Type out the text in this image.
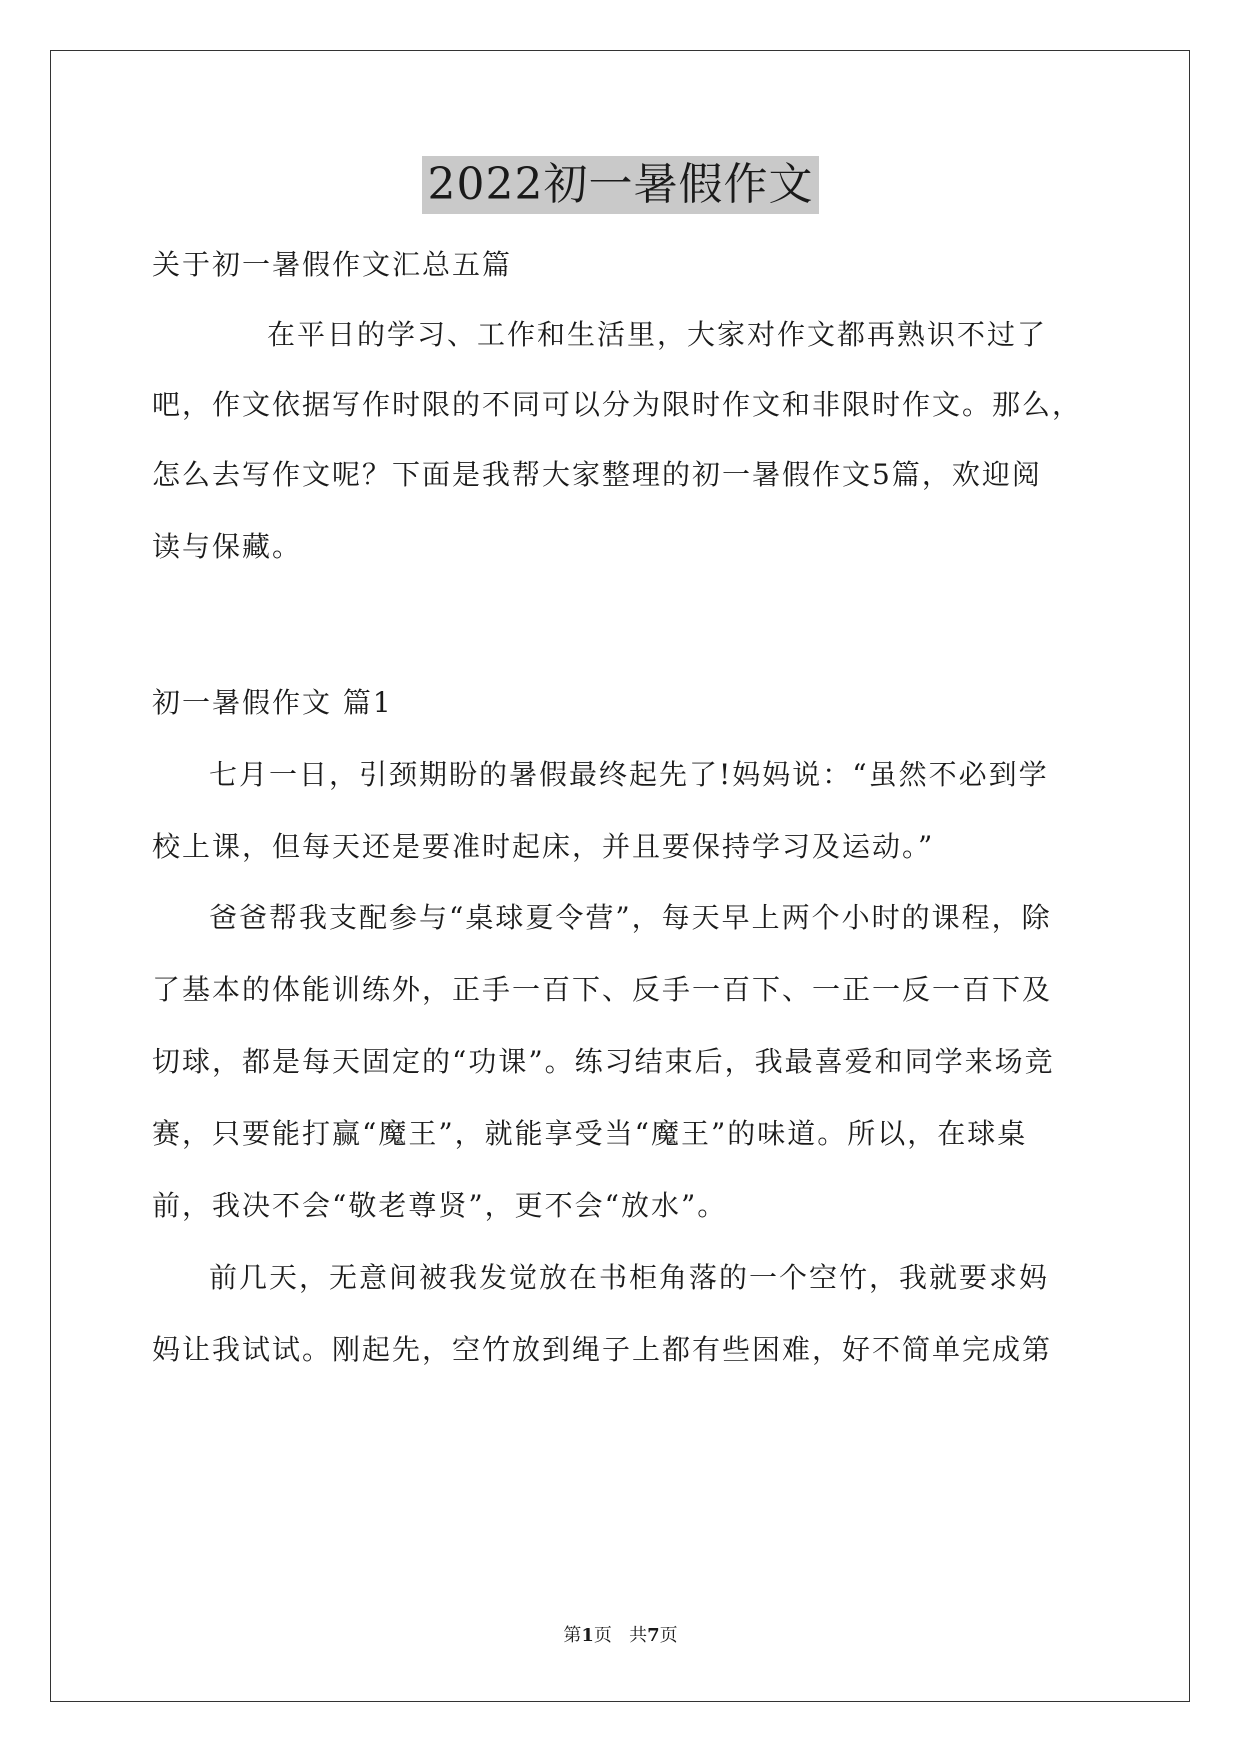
2022初一暑假作文
关于初一暑假作文汇总五篇
在平日的学习、工作和生活里，大家对作文都再熟识不过了
吧，作文依据写作时限的不同可以分为限时作文和非限时作文。那么，
怎么去写作文呢？下面是我帮大家整理的初一暑假作文5篇，欢迎阅
读与保藏。
初一暑假作文 篇1
七月一日，引颈期盼的暑假最终起先了!妈妈说：“虽然不必到学
校上课，但每天还是要准时起床，并且要保持学习及运动。”
爸爸帮我支配参与“桌球夏令营”，每天早上两个小时的课程，除
了基本的体能训练外，正手一百下、反手一百下、一正一反一百下及
切球，都是每天固定的“功课”。练习结束后，我最喜爱和同学来场竞
赛，只要能打赢“魔王”，就能享受当“魔王”的味道。所以，在球桌
前，我决不会“敬老尊贤”，更不会“放水”。
前几天，无意间被我发觉放在书柜角落的一个空竹，我就要求妈
妈让我试试。刚起先，空竹放到绳子上都有些困难，好不简单完成第
第1页   共7页
